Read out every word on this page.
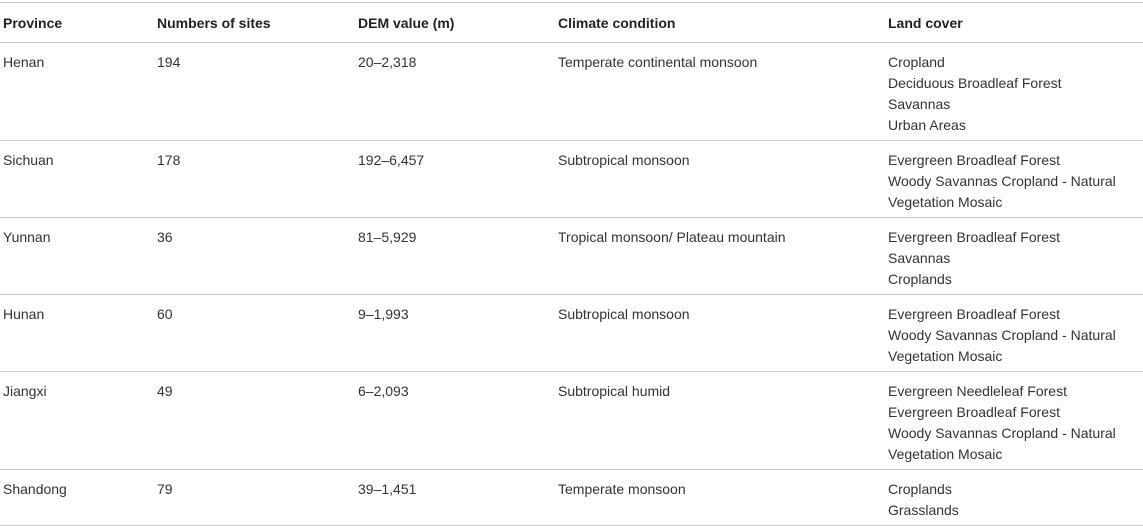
Province	Numbers of sites	DEM value (m)	Climate condition	Land cover
Henan	194	20–2,318	Temperate continental monsoon	Cropland
Deciduous Broadleaf Forest
Savannas
Urban Areas

Sichuan	178	192–6,457	Subtropical monsoon	Evergreen Broadleaf Forest
Woody Savannas Cropland - Natural
Vegetation Mosaic

Yunnan	36	81–5,929	Tropical monsoon/ Plateau mountain	Evergreen Broadleaf Forest
Savannas
Croplands

Hunan	60	9–1,993	Subtropical monsoon	Evergreen Broadleaf Forest
Woody Savannas Cropland - Natural
Vegetation Mosaic

Jiangxi	49	6–2,093	Subtropical humid	Evergreen Needleleaf Forest
Evergreen Broadleaf Forest
Woody Savannas Cropland - Natural
Vegetation Mosaic

Shandong	79	39–1,451	Temperate monsoon	Croplands
Grasslands
